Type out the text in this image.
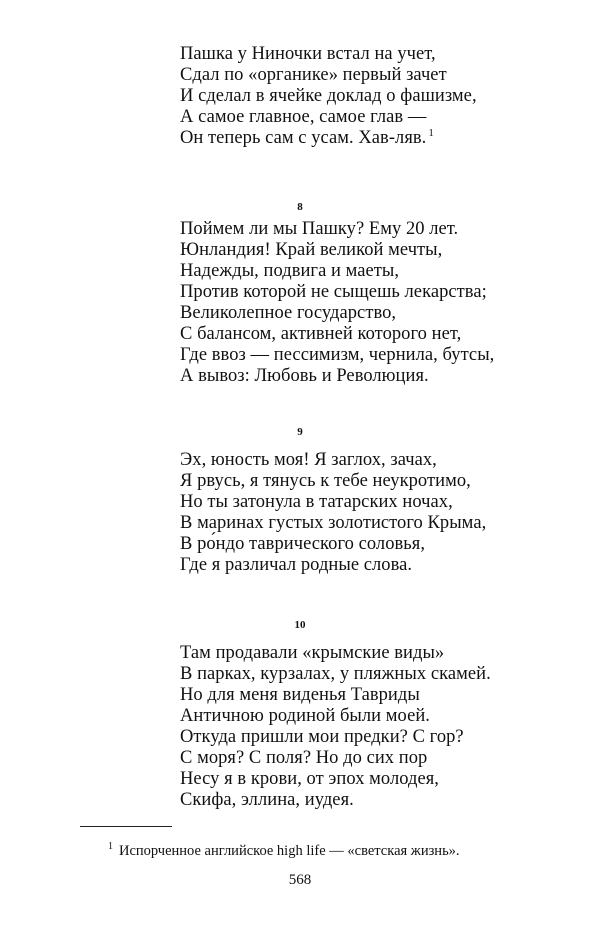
Пашка у Ниночки встал на учет,
Сдал по «органике» первый зачет
И сделал в ячейке доклад о фашизме,
А самое главное, самое глав —
Он теперь сам с усам. Хав-ляв. $^1$
8
Поймем ли мы Пашку? Ему 20 лет.
Юнландия! Край великой мечты,
Надежды, подвига и маеты,
Против которой не сыщешь лекарства;
Великолепное государство,
С балансом, активней которого нет,
Где ввоз — пессимизм, чернила, бутсы,
А вывоз: Любовь и Революция.
9
Эх, юность моя! Я заглох, зачах,
Я рвусь, я тянусь к тебе неукротимо,
Но ты затонула в татарских ночах,
В маринах густых золотистого Крыма,
В ро́ндо таврического соловья,
Где я различал родные слова.
10
Там продавали «крымские виды»
В парках, курзалах, у пляжных скамей.
Но для меня виденья Тавриды
Античною родиной были моей.
Откуда пришли мои предки? С гор?
С моря? С поля? Но до сих пор
Несу я в крови, от эпох молодея,
Скифа, эллина, иудея.
$^1$ Испорченное английское high life — «светская жизнь».
568
